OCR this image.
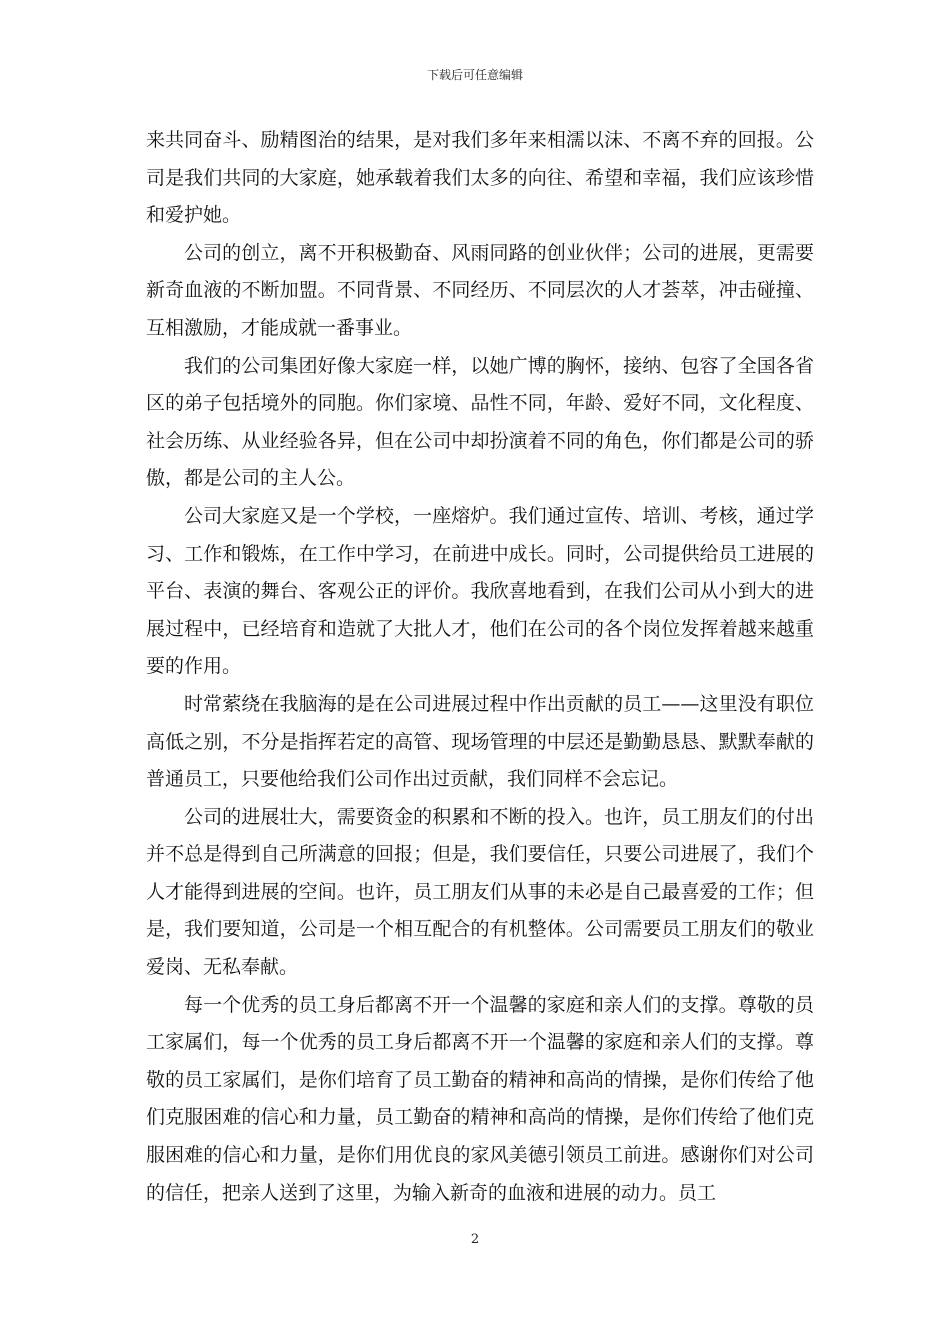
下载后可任意编辑

来共同奋斗、励精图治的结果，是对我们多年来相濡以沫、不离不弃的回报。公司是我们共同的大家庭，她承载着我们太多的向往、希望和幸福，我们应该珍惜和爱护她。

公司的创立，离不开积极勤奋、风雨同路的创业伙伴；公司的进展，更需要新奇血液的不断加盟。不同背景、不同经历、不同层次的人才荟萃，冲击碰撞、互相激励，才能成就一番事业。

我们的公司集团好像大家庭一样，以她广博的胸怀，接纳、包容了全国各省区的弟子包括境外的同胞。你们家境、品性不同，年龄、爱好不同，文化程度、社会历练、从业经验各异，但在公司中却扮演着不同的角色，你们都是公司的骄傲，都是公司的主人公。

公司大家庭又是一个学校，一座熔炉。我们通过宣传、培训、考核，通过学习、工作和锻炼，在工作中学习，在前进中成长。同时，公司提供给员工进展的平台、表演的舞台、客观公正的评价。我欣喜地看到，在我们公司从小到大的进展过程中，已经培育和造就了大批人才，他们在公司的各个岗位发挥着越来越重要的作用。

时常萦绕在我脑海的是在公司进展过程中作出贡献的员工——这里没有职位高低之别，不分是指挥若定的高管、现场管理的中层还是勤勤恳恳、默默奉献的普通员工，只要他给我们公司作出过贡献，我们同样不会忘记。

公司的进展壮大，需要资金的积累和不断的投入。也许，员工朋友们的付出并不总是得到自己所满意的回报；但是，我们要信任，只要公司进展了，我们个人才能得到进展的空间。也许，员工朋友们从事的未必是自己最喜爱的工作；但是，我们要知道，公司是一个相互配合的有机整体。公司需要员工朋友们的敬业爱岗、无私奉献。

每一个优秀的员工身后都离不开一个温馨的家庭和亲人们的支撑。尊敬的员工家属们，每一个优秀的员工身后都离不开一个温馨的家庭和亲人们的支撑。尊敬的员工家属们，是你们培育了员工勤奋的精神和高尚的情操，是你们传给了他们克服困难的信心和力量，员工勤奋的精神和高尚的情操，是你们传给了他们克服困难的信心和力量，是你们用优良的家风美德引领员工前进。感谢你们对公司的信任，把亲人送到了这里，为输入新奇的血液和进展的动力。员工

2
